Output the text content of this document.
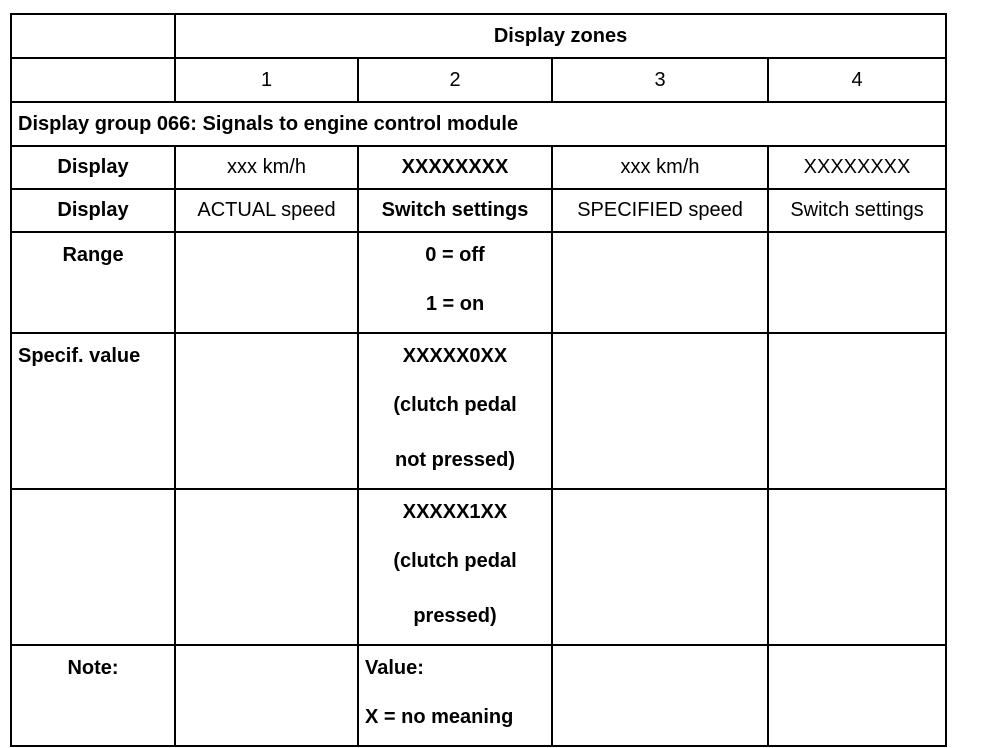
	Display zones			
	1	2	3	4
Display group 066: Signals to engine control module				
Display	xxx km/h	XXXXXXXX	xxx km/h	XXXXXXXX
Display	ACTUAL speed	Switch settings	SPECIFIED speed	Switch settings

Range		0 = off
1 = on		

Specif. value		XXXXX0XX
(clutch pedal
not pressed)		

		XXXXX1XX
(clutch pedal
pressed)		

Note:		Value:
X = no meaning		
